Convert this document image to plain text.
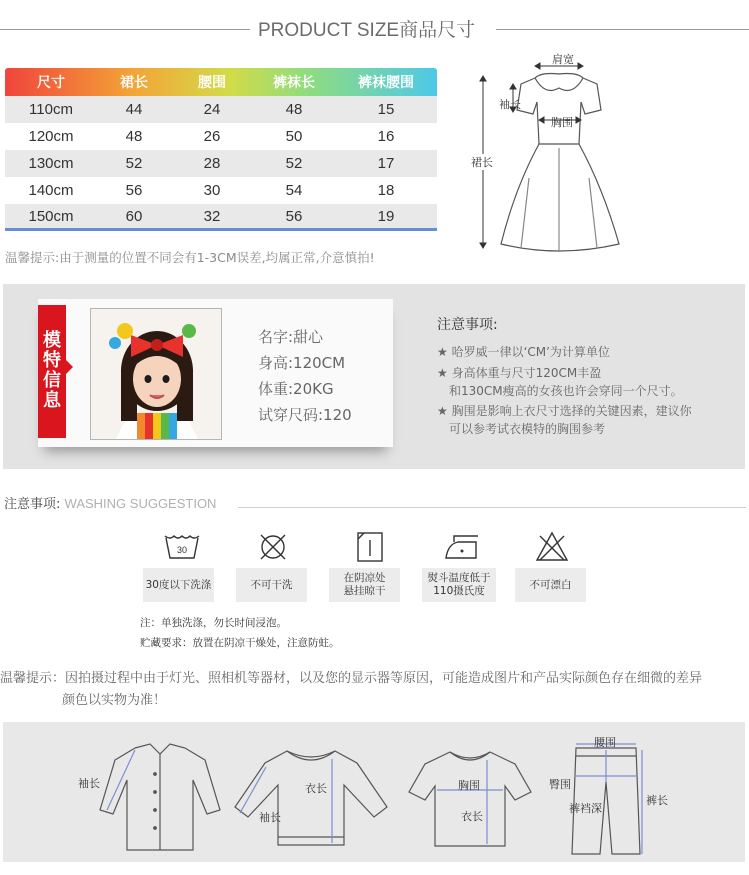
PRODUCT SIZE商品尺寸
尺寸	裙长	腰围	裤袜长	裤袜腰围
110cm	44	24	48	15
120cm	48	26	50	16
130cm	52	28	52	17
140cm	56	30	54	18
150cm	60	32	56	19
温馨提示:由于测量的位置不同会有1-3CM误差,均属正常,介意慎拍!
肩宽
袖长
胸围
裙长
模
特
信
息
名字:甜心
身高:120CM
体重:20KG
试穿尺码:120
注意事项:
★ 哈罗威一律以‘CM’为计算单位
★ 身高体重与尺寸120CM丰盈
和130CM瘦高的女孩也许会穿同一个尺寸。
★ 胸围是影响上衣尺寸选择的关键因素，建议你
可以参考试衣模特的胸围参考
注意事项: WASHING SUGGESTION
30
30度以下洗涤	不可干洗
在阴凉处
悬挂晾干
熨斗温度低于
110摄氏度
不可漂白
注：单独洗涤，勿长时间浸泡。
贮藏要求：放置在阴凉干燥处，注意防蛀。
温馨提示：因拍摄过程中由于灯光、照相机等器材，以及您的显示器等原因，可能造成图片和产品实际颜色存在细微的差异
颜色以实物为准！
袖长	衣长
袖长
胸围
衣长
腰围
臀围
裤裆深
裤长
